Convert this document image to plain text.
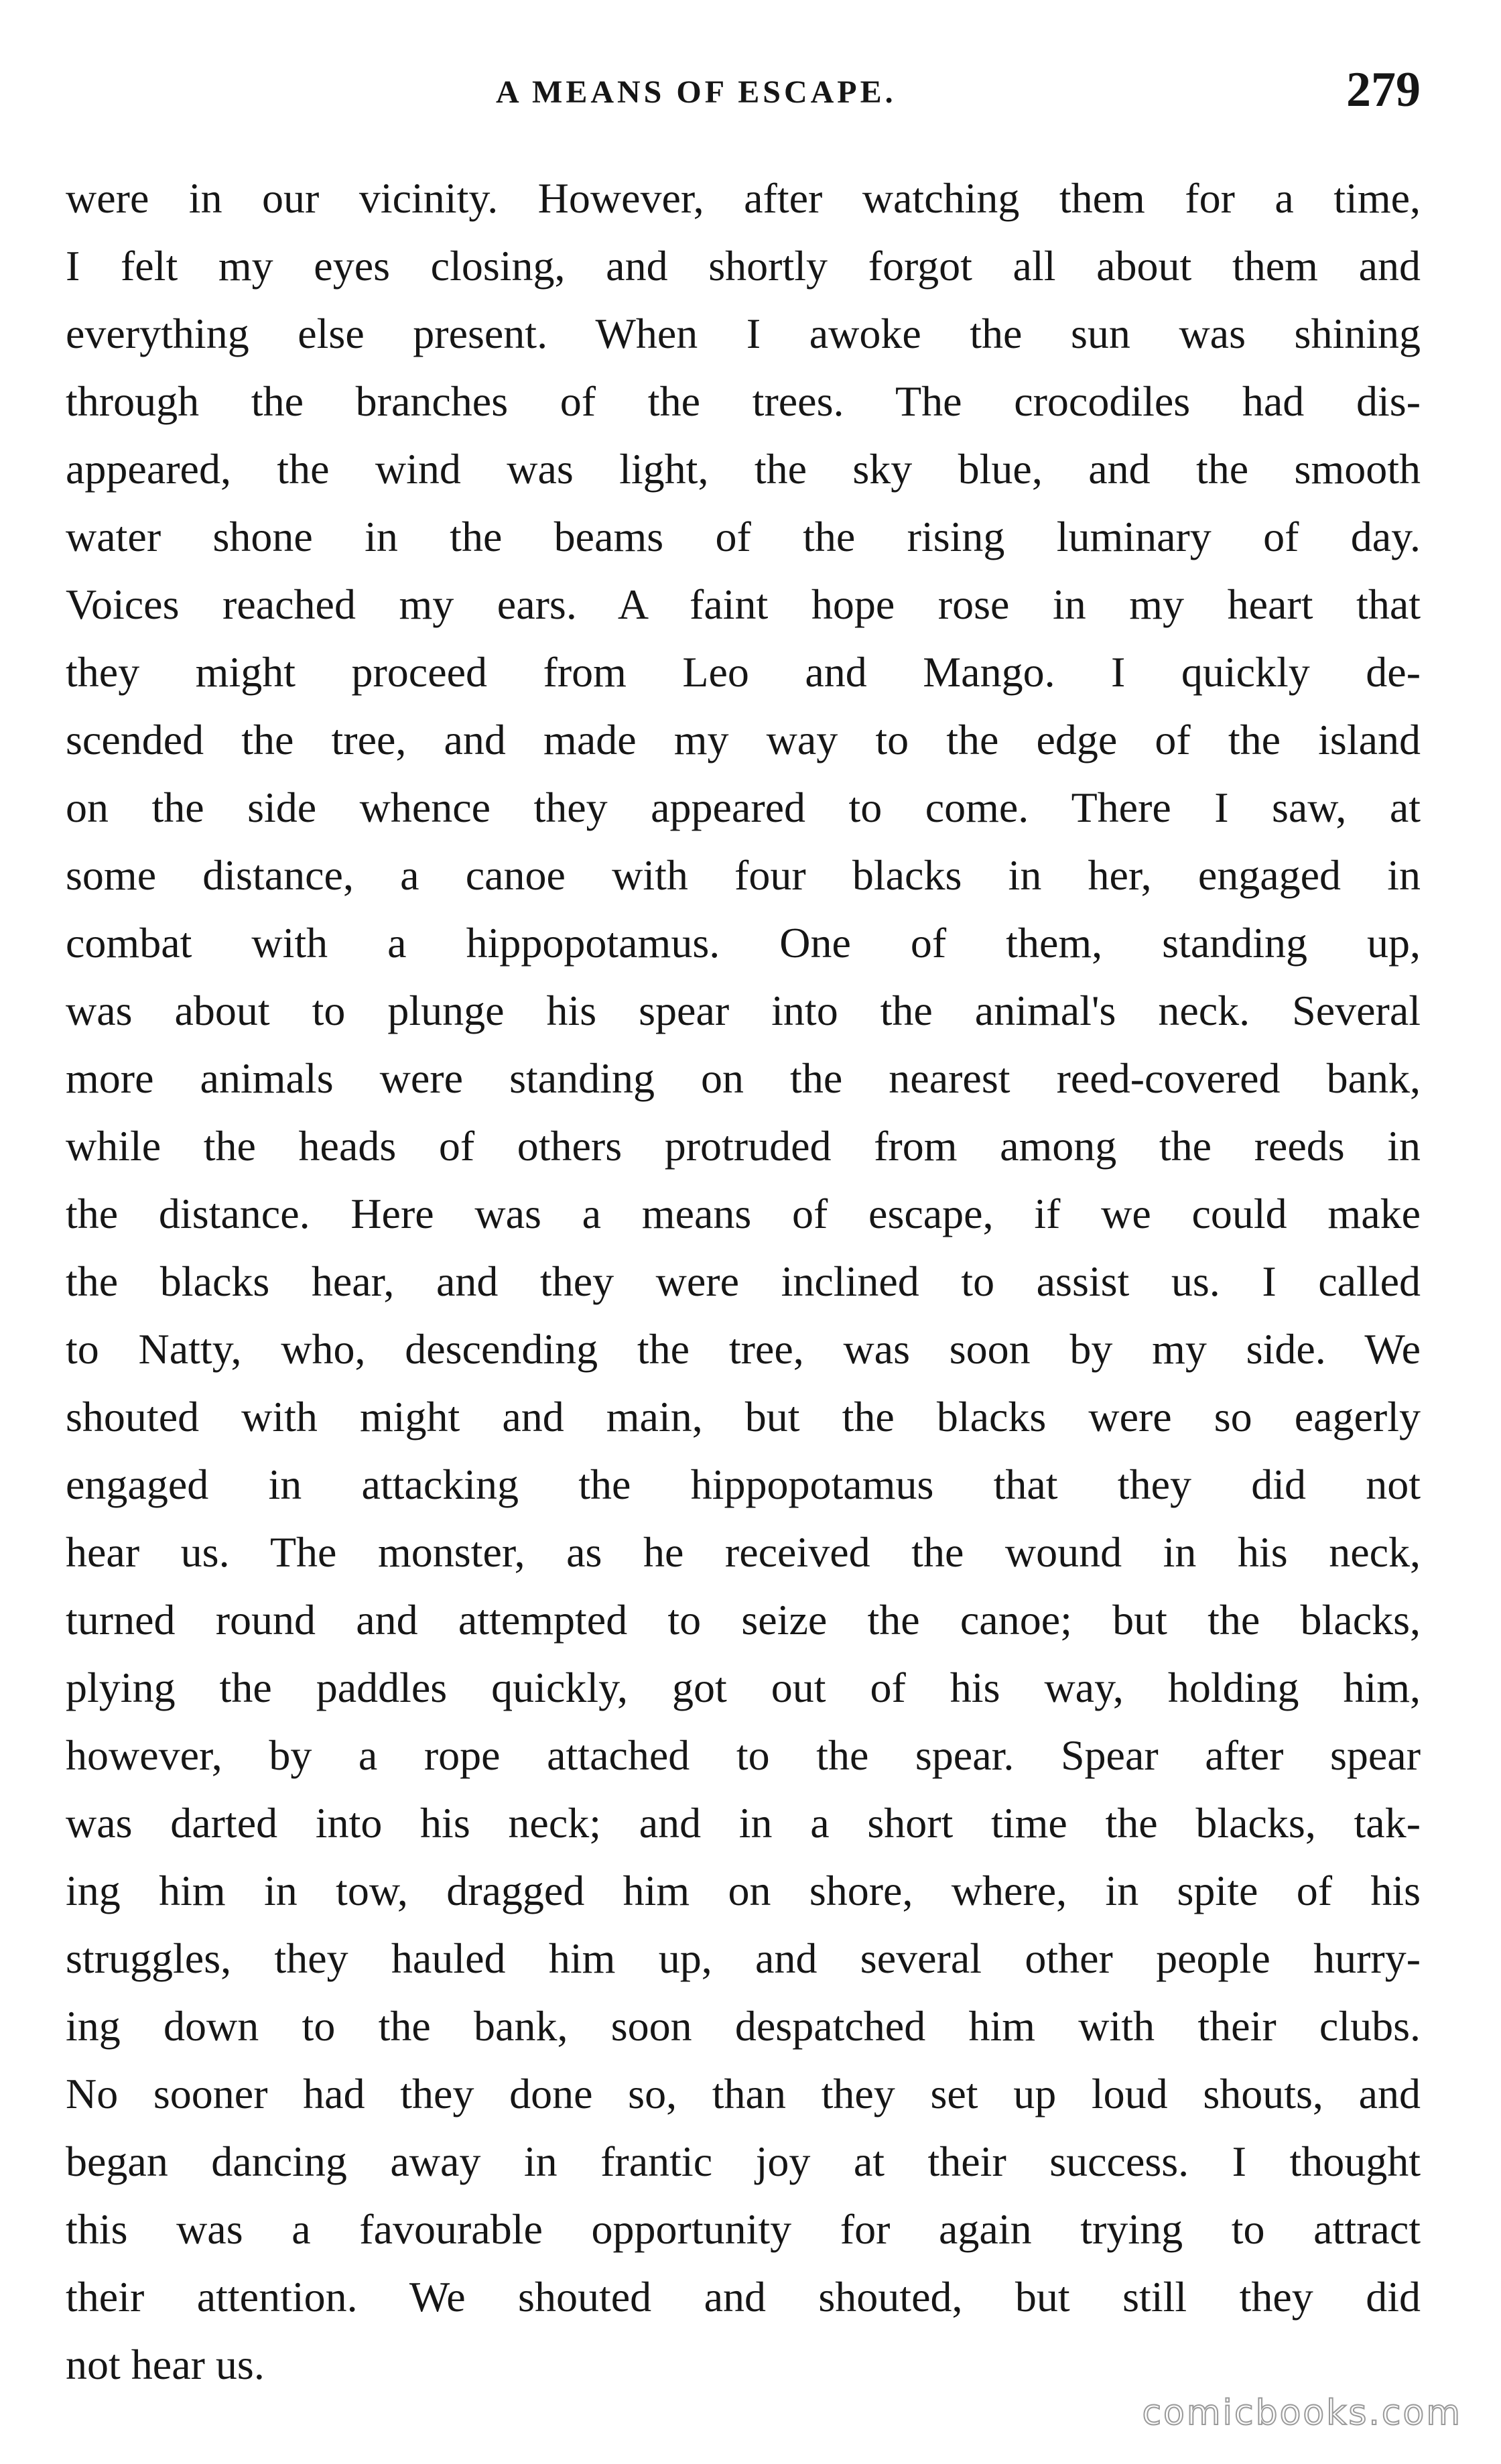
A MEANS OF ESCAPE.	279
were in our vicinity. However, after watching them for a time,
I felt my eyes closing, and shortly forgot all about them and
everything else present. When I awoke the sun was shining
through the branches of the trees. The crocodiles had dis-
appeared, the wind was light, the sky blue, and the smooth
water shone in the beams of the rising luminary of day.
Voices reached my ears. A faint hope rose in my heart that
they might proceed from Leo and Mango. I quickly de-
scended the tree, and made my way to the edge of the island
on the side whence they appeared to come. There I saw, at
some distance, a canoe with four blacks in her, engaged in
combat with a hippopotamus. One of them, standing up,
was about to plunge his spear into the animal's neck. Several
more animals were standing on the nearest reed-covered bank,
while the heads of others protruded from among the reeds in
the distance. Here was a means of escape, if we could make
the blacks hear, and they were inclined to assist us. I called
to Natty, who, descending the tree, was soon by my side. We
shouted with might and main, but the blacks were so eagerly
engaged in attacking the hippopotamus that they did not
hear us. The monster, as he received the wound in his neck,
turned round and attempted to seize the canoe; but the blacks,
plying the paddles quickly, got out of his way, holding him,
however, by a rope attached to the spear. Spear after spear
was darted into his neck; and in a short time the blacks, tak-
ing him in tow, dragged him on shore, where, in spite of his
struggles, they hauled him up, and several other people hurry-
ing down to the bank, soon despatched him with their clubs.
No sooner had they done so, than they set up loud shouts, and
began dancing away in frantic joy at their success. I thought
this was a favourable opportunity for again trying to attract
their attention. We shouted and shouted, but still they did
not hear us.
comicbooks.com
